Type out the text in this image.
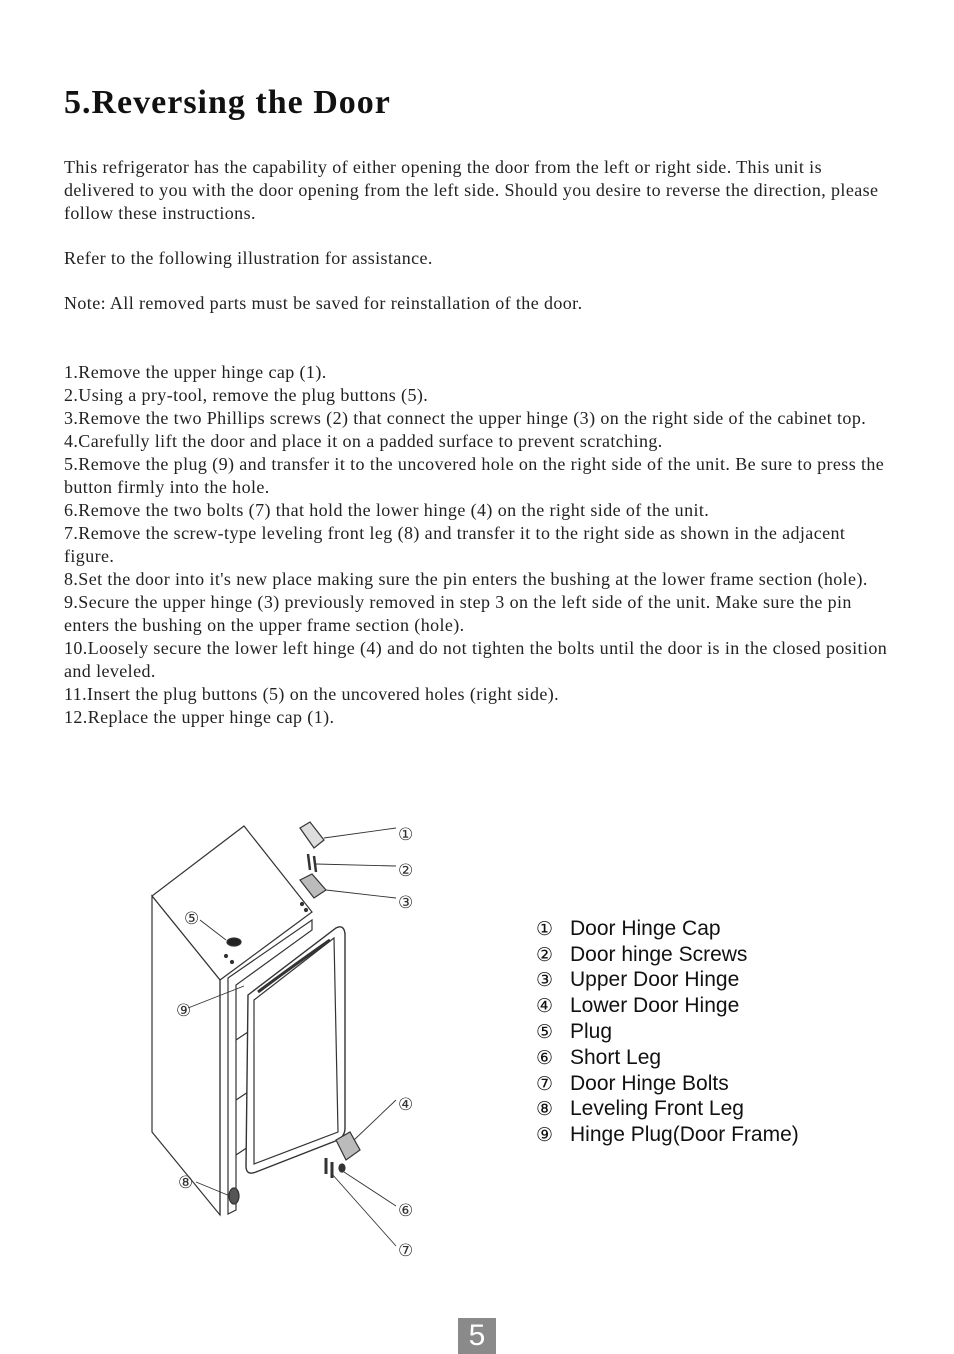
5.Reversing the Door

This refrigerator has the capability of either opening the door from the left or right side. This unit is delivered to you with the door opening from the left side. Should you desire to reverse the direction, please follow these instructions.

Refer to the following illustration for assistance.

Note: All removed parts must be saved for reinstallation of the door.

1.Remove the upper hinge cap (1).
2.Using a pry-tool, remove the plug buttons (5).
3.Remove the two Phillips screws (2) that connect the upper hinge (3) on the right side of the cabinet top.
4.Carefully lift the door and place it on a padded surface to prevent scratching.
5.Remove the plug (9) and transfer it to the uncovered hole on the right side of the unit. Be sure to press the button firmly into the hole.
6.Remove the two bolts (7) that hold the lower hinge (4) on the right side of the unit.
7.Remove the screw-type leveling front leg (8) and transfer it to the right side as shown in the adjacent figure.
8.Set the door into it's new place making sure the pin enters the bushing at the lower frame section (hole).
9.Secure the upper hinge (3) previously removed in step 3 on the left side of the unit. Make sure the pin enters the bushing on the upper frame section (hole).
10.Loosely secure the lower left hinge (4) and do not tighten the bolts until the door is in the closed position and leveled.
11.Insert the plug buttons (5) on the uncovered holes (right side).
12.Replace the upper hinge cap (1).
①
②
③
④
⑤
⑥
⑦
⑧
⑨
① Door Hinge Cap
② Door hinge Screws
③ Upper Door Hinge
④ Lower Door Hinge
⑤ Plug
⑥ Short Leg
⑦ Door Hinge Bolts
⑧ Leveling Front Leg
⑨ Hinge Plug(Door Frame)
5
